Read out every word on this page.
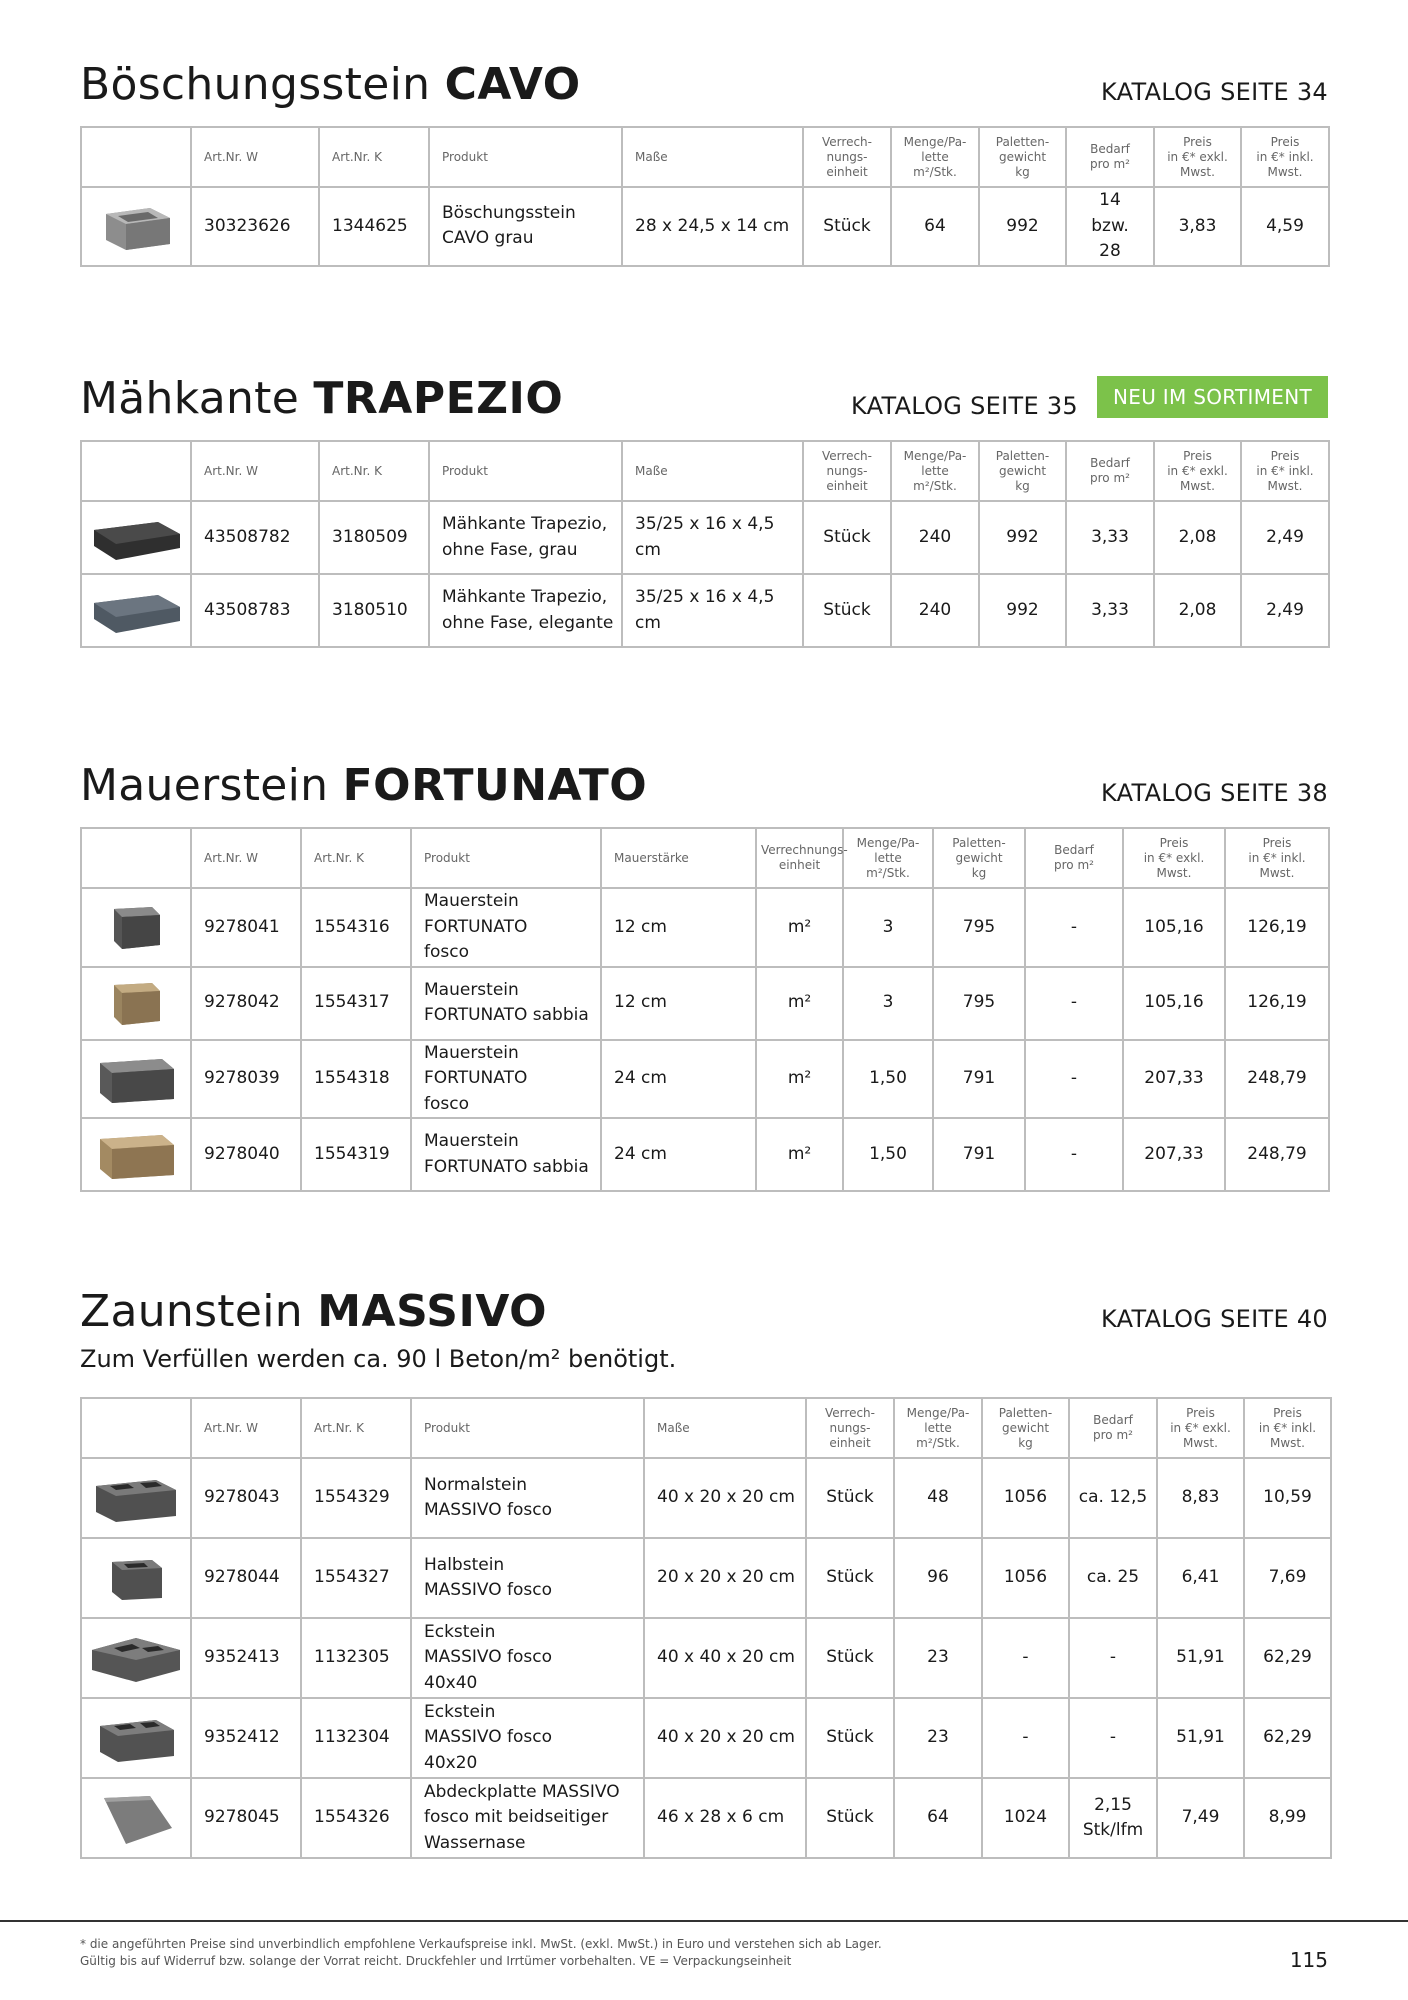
Böschungsstein CAVO	KATALOG SEITE 34
	Art.Nr. W	Art.Nr. K	Produkt	Maße	Verrech-
nungs-
einheit	Menge/Pa-
lette
m²/Stk.	Paletten-
gewicht
kg	Bedarf
pro m²	Preis
in €* exkl.
Mwst.	Preis
in €* inkl.
Mwst.

	30323626	1344625	Böschungsstein
CAVO grau	28 x 24,5 x 14 cm	Stück	64	992	14
bzw.
28	3,83	4,59
Mähkante TRAPEZIO	KATALOG SEITE 35	NEU IM SORTIMENT
	Art.Nr. W	Art.Nr. K	Produkt	Maße	Verrech-
nungs-
einheit	Menge/Pa-
lette
m²/Stk.	Paletten-
gewicht
kg	Bedarf
pro m²	Preis
in €* exkl.
Mwst.	Preis
in €* inkl.
Mwst.

	43508782	3180509	Mähkante Trapezio,
ohne Fase, grau	35/25 x 16 x 4,5 cm	Stück	240	992	3,33	2,08	2,49

	43508783	3180510	Mähkante Trapezio,
ohne Fase, elegante	35/25 x 16 x 4,5 cm	Stück	240	992	3,33	2,08	2,49
Mauerstein FORTUNATO	KATALOG SEITE 38
	Art.Nr. W	Art.Nr. K	Produkt	Mauerstärke	Verrechnungs-
einheit	Menge/Pa-
lette
m²/Stk.	Paletten-
gewicht
kg	Bedarf
pro m²	Preis
in €* exkl.
Mwst.	Preis
in €* inkl.
Mwst.

	9278041	1554316	Mauerstein
FORTUNATO
fosco	12 cm	m²	3	795	-	105,16	126,19

	9278042	1554317	Mauerstein
FORTUNATO sabbia	12 cm	m²	3	795	-	105,16	126,19

	9278039	1554318	Mauerstein
FORTUNATO
fosco	24 cm	m²	1,50	791	-	207,33	248,79

	9278040	1554319	Mauerstein
FORTUNATO sabbia	24 cm	m²	1,50	791	-	207,33	248,79
Zaunstein MASSIVO	KATALOG SEITE 40
Zum Verfüllen werden ca. 90 l Beton/m² benötigt.
	Art.Nr. W	Art.Nr. K	Produkt	Maße	Verrech-
nungs-
einheit	Menge/Pa-
lette
m²/Stk.	Paletten-
gewicht
kg	Bedarf
pro m²	Preis
in €* exkl.
Mwst.	Preis
in €* inkl.
Mwst.

	9278043	1554329	Normalstein
MASSIVO fosco	40 x 20 x 20 cm	Stück	48	1056	ca. 12,5	8,83	10,59

	9278044	1554327	Halbstein
MASSIVO fosco	20 x 20 x 20 cm	Stück	96	1056	ca. 25	6,41	7,69

	9352413	1132305	Eckstein
MASSIVO fosco
40x40	40 x 40 x 20 cm	Stück	23	-	-	51,91	62,29

	9352412	1132304	Eckstein
MASSIVO fosco
40x20	40 x 20 x 20 cm	Stück	23	-	-	51,91	62,29

	9278045	1554326	Abdeckplatte MASSIVO
fosco mit beidseitiger
Wassernase	46 x 28 x 6 cm	Stück	64	1024	2,15
Stk/lfm	7,49	8,99
* die angeführten Preise sind unverbindlich empfohlene Verkaufspreise inkl. MwSt. (exkl. MwSt.) in Euro und verstehen sich ab Lager.
Gültig bis auf Widerruf bzw. solange der Vorrat reicht. Druckfehler und Irrtümer vorbehalten. VE = Verpackungseinheit	115
